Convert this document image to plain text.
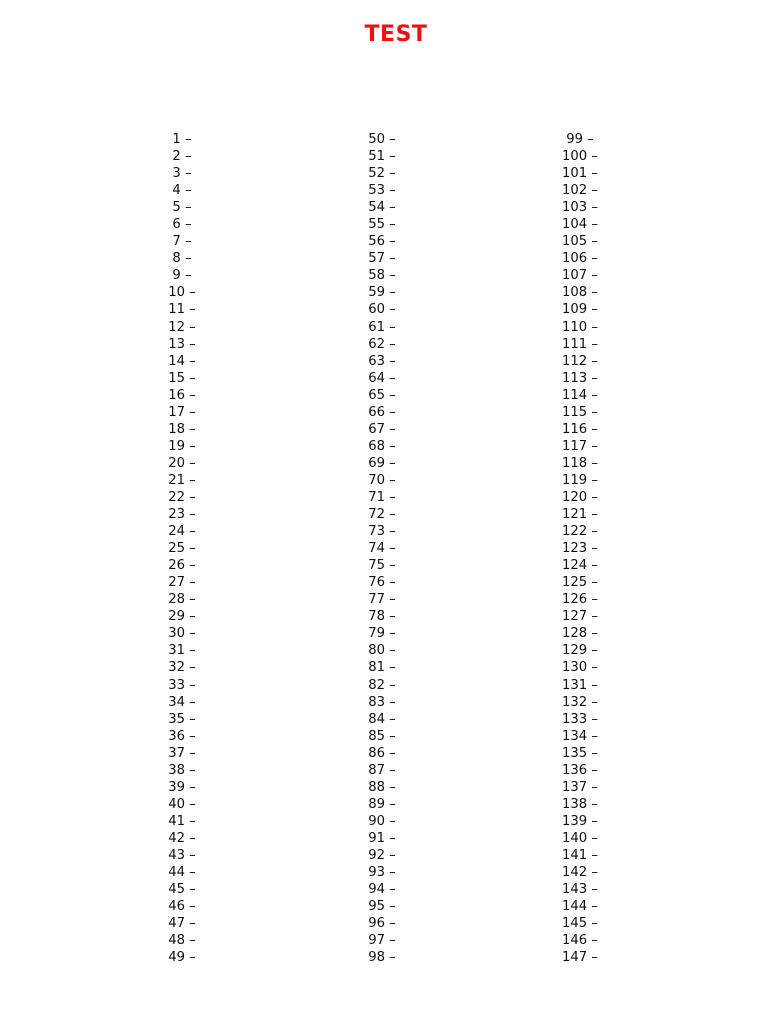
TEST
1 –
2 –
3 –
4 –
5 –
6 –
7 –
8 –
9 –
10 –
11 –
12 –
13 –
14 –
15 –
16 –
17 –
18 –
19 –
20 –
21 –
22 –
23 –
24 –
25 –
26 –
27 –
28 –
29 –
30 –
31 –
32 –
33 –
34 –
35 –
36 –
37 –
38 –
39 –
40 –
41 –
42 –
43 –
44 –
45 –
46 –
47 –
48 –
49 –
50 –
51 –
52 –
53 –
54 –
55 –
56 –
57 –
58 –
59 –
60 –
61 –
62 –
63 –
64 –
65 –
66 –
67 –
68 –
69 –
70 –
71 –
72 –
73 –
74 –
75 –
76 –
77 –
78 –
79 –
80 –
81 –
82 –
83 –
84 –
85 –
86 –
87 –
88 –
89 –
90 –
91 –
92 –
93 –
94 –
95 –
96 –
97 –
98 –
99 –
100 –
101 –
102 –
103 –
104 –
105 –
106 –
107 –
108 –
109 –
110 –
111 –
112 –
113 –
114 –
115 –
116 –
117 –
118 –
119 –
120 –
121 –
122 –
123 –
124 –
125 –
126 –
127 –
128 –
129 –
130 –
131 –
132 –
133 –
134 –
135 –
136 –
137 –
138 –
139 –
140 –
141 –
142 –
143 –
144 –
145 –
146 –
147 –
